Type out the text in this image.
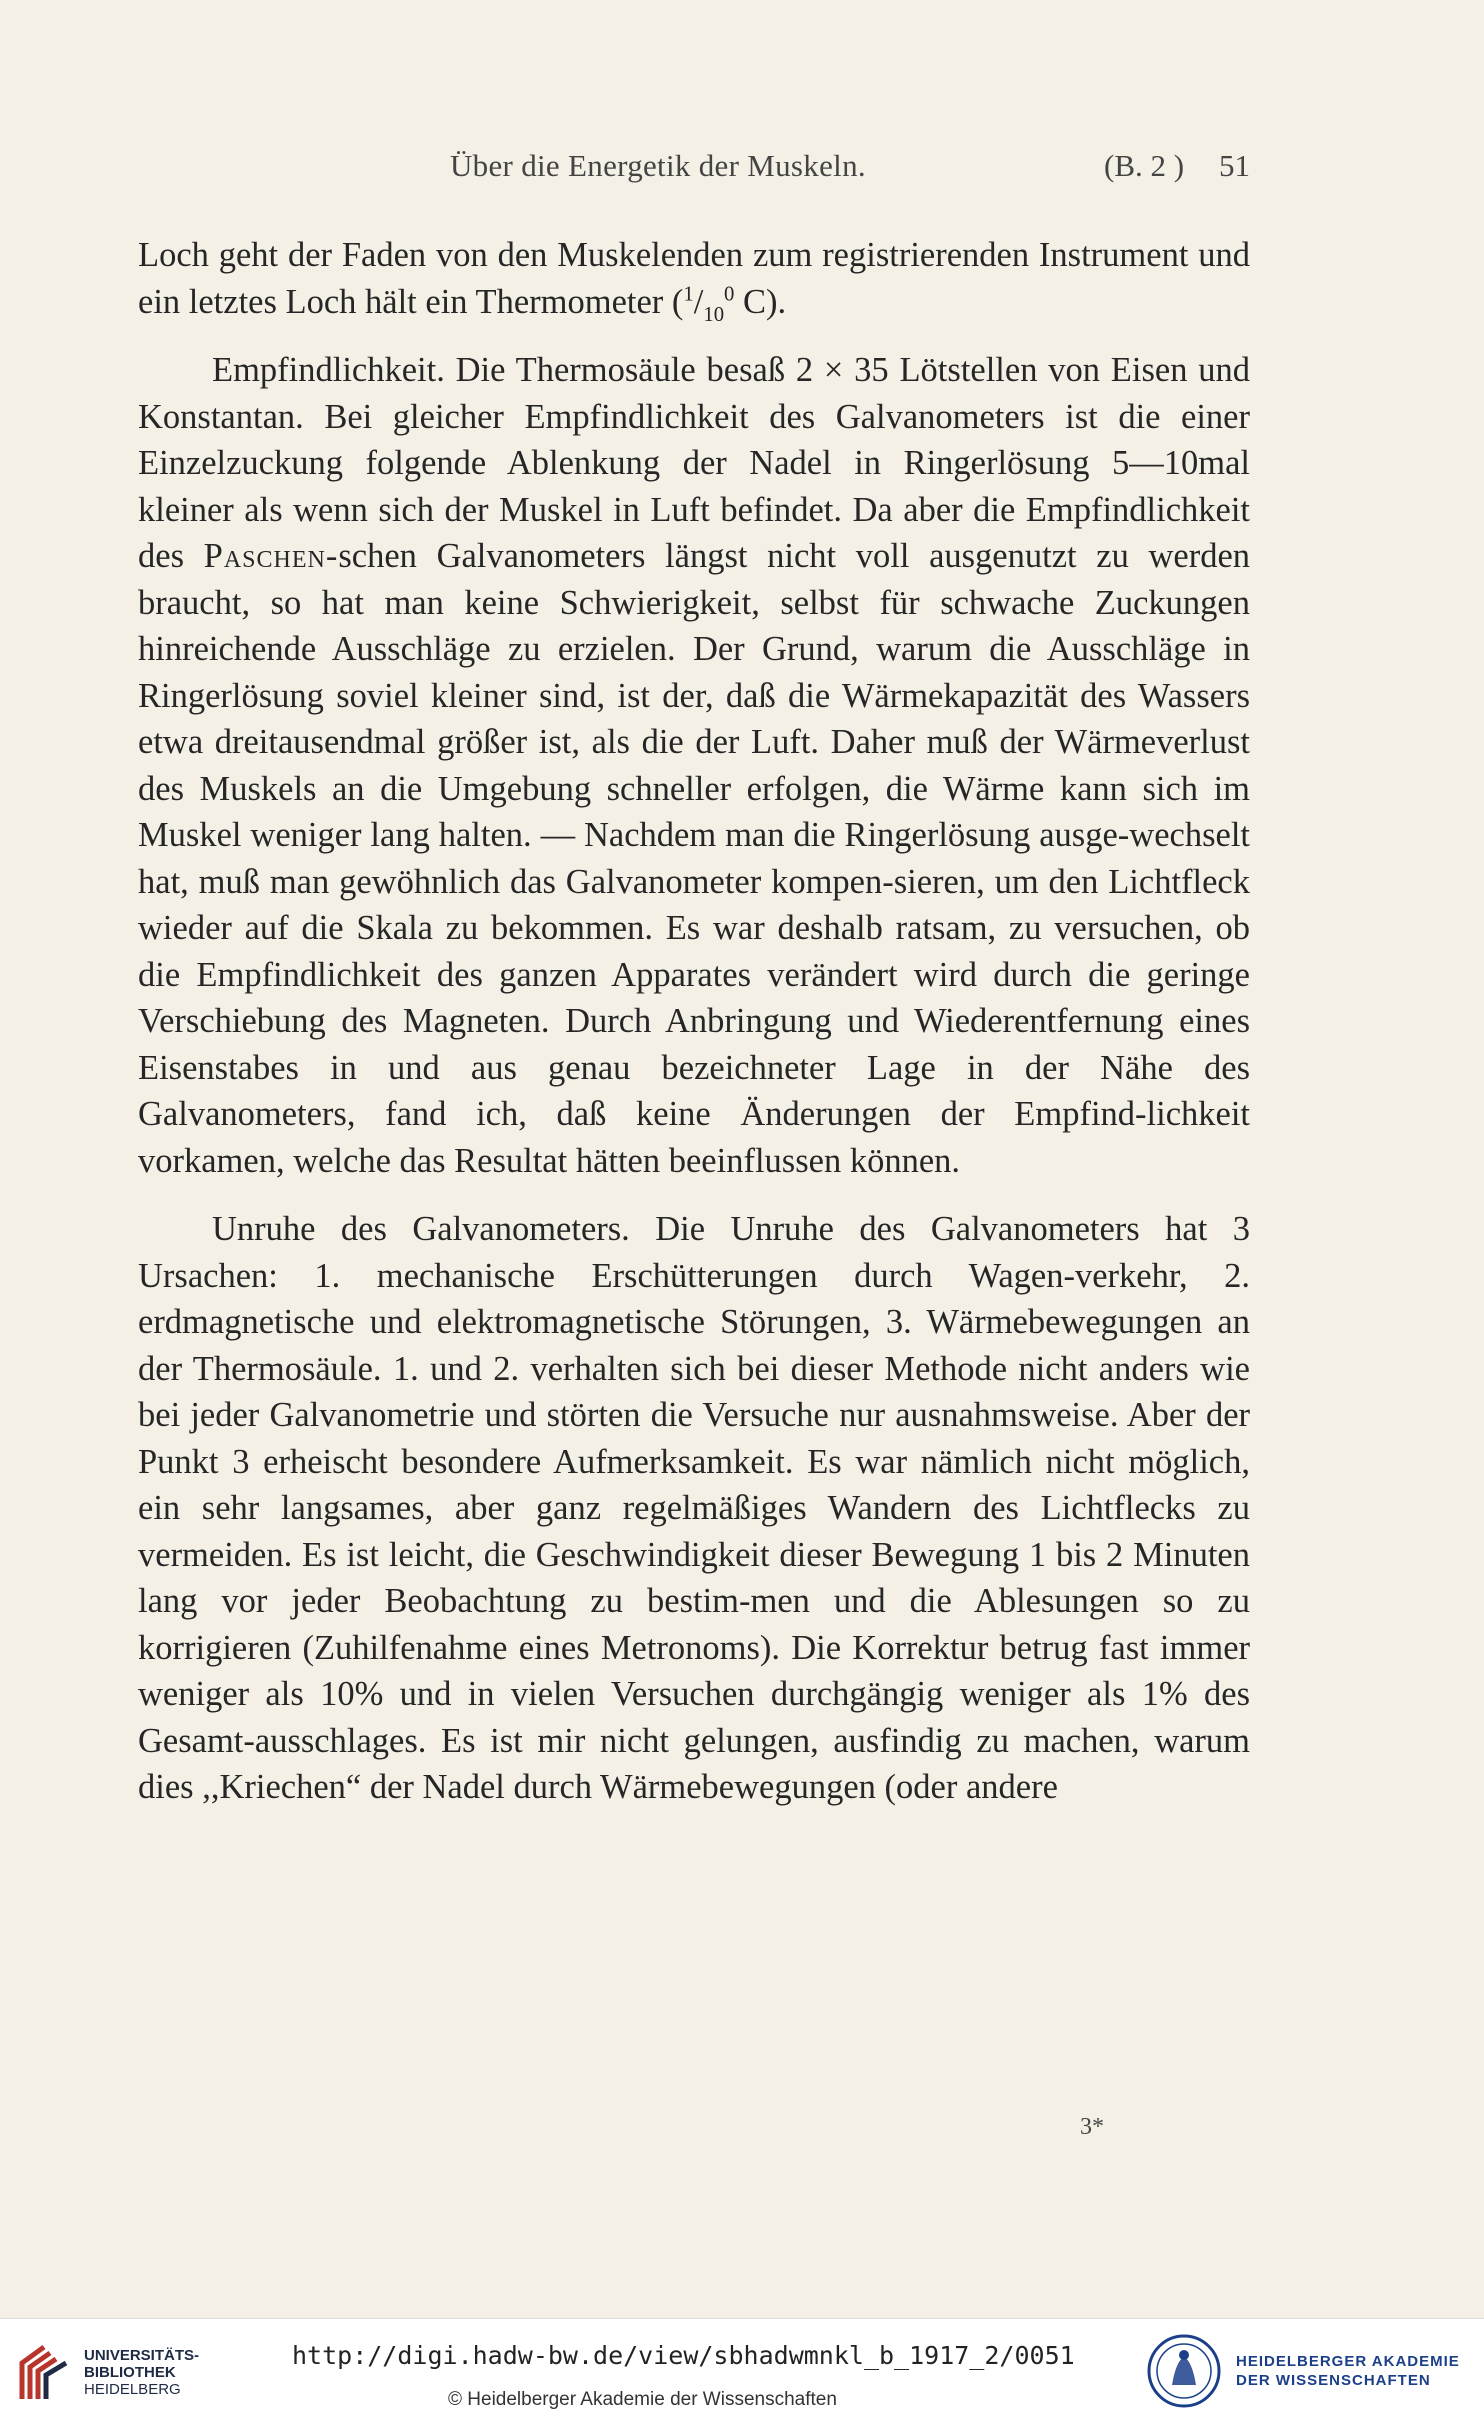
Über die Energetik der Muskeln.	(B. 2 ) 51

Loch geht der Faden von den Muskelenden zum registrierenden Instrument und ein letztes Loch hält ein Thermometer ($^1/_{10}^0$ C).

Empfindlichkeit. Die Thermosäule besaß 2 × 35 Lötstellen von Eisen und Konstantan. Bei gleicher Empfindlichkeit des Galvanometers ist die einer Einzelzuckung folgende Ablenkung der Nadel in Ringerlösung 5—10mal kleiner als wenn sich der Muskel in Luft befindet. Da aber die Empfindlichkeit des Paschen-schen Galvanometers längst nicht voll ausgenutzt zu werden braucht, so hat man keine Schwierigkeit, selbst für schwache Zuckungen hinreichende Ausschläge zu erzielen. Der Grund, warum die Ausschläge in Ringerlösung soviel kleiner sind, ist der, daß die Wärmekapazität des Wassers etwa dreitausendmal größer ist, als die der Luft. Daher muß der Wärmeverlust des Muskels an die Umgebung schneller erfolgen, die Wärme kann sich im Muskel weniger lang halten. — Nachdem man die Ringerlösung ausge-wechselt hat, muß man gewöhnlich das Galvanometer kompen-sieren, um den Lichtfleck wieder auf die Skala zu bekommen. Es war deshalb ratsam, zu versuchen, ob die Empfindlichkeit des ganzen Apparates verändert wird durch die geringe Verschiebung des Magneten. Durch Anbringung und Wiederentfernung eines Eisenstabes in und aus genau bezeichneter Lage in der Nähe des Galvanometers, fand ich, daß keine Änderungen der Empfind-lichkeit vorkamen, welche das Resultat hätten beeinflussen können.

Unruhe des Galvanometers. Die Unruhe des Galvanometers hat 3 Ursachen: 1. mechanische Erschütterungen durch Wagen-verkehr, 2. erdmagnetische und elektromagnetische Störungen, 3. Wärmebewegungen an der Thermosäule. 1. und 2. verhalten sich bei dieser Methode nicht anders wie bei jeder Galvanometrie und störten die Versuche nur ausnahmsweise. Aber der Punkt 3 erheischt besondere Aufmerksamkeit. Es war nämlich nicht möglich, ein sehr langsames, aber ganz regelmäßiges Wandern des Lichtflecks zu vermeiden. Es ist leicht, die Geschwindigkeit dieser Bewegung 1 bis 2 Minuten lang vor jeder Beobachtung zu bestim-men und die Ablesungen so zu korrigieren (Zuhilfenahme eines Metronoms). Die Korrektur betrug fast immer weniger als 10% und in vielen Versuchen durchgängig weniger als 1% des Gesamt-ausschlages. Es ist mir nicht gelungen, ausfindig zu machen, warum dies ,,Kriechen“ der Nadel durch Wärmebewegungen (oder andere

3*
UNIVERSITÄTS-
BIBLIOTHEK
HEIDELBERG
http://digi.hadw-bw.de/view/sbhadwmnkl_b_1917_2/0051
© Heidelberger Akademie der Wissenschaften
HEIDELBERGER AKADEMIE
DER WISSENSCHAFTEN
